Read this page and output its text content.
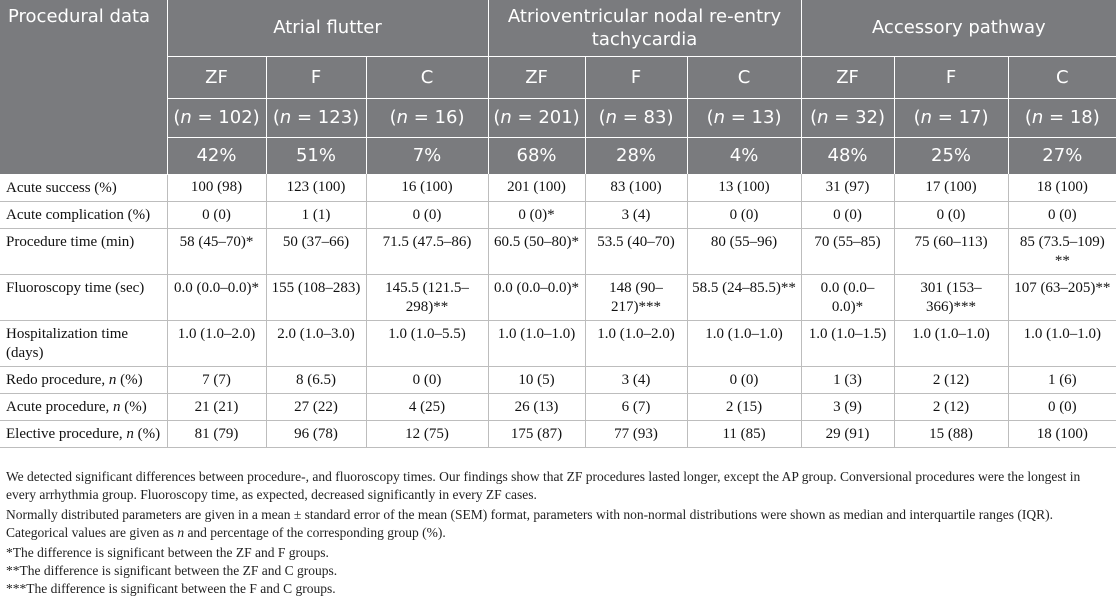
Procedural data	Atrial flutter			Atrioventricular nodal re-entry tachycardia			Accessory pathway		
	ZF	F	C	ZF	F	C	ZF	F	C
	(n = 102)	(n = 123)	(n = 16)	(n = 201)	(n = 83)	(n = 13)	(n = 32)	(n = 17)	(n = 18)
	42%	51%	7%	68%	28%	4%	48%	25%	27%
Acute success (%)	100 (98)	123 (100)	16 (100)	201 (100)	83 (100)	13 (100)	31 (97)	17 (100)	18 (100)
Acute complication (%)	0 (0)	1 (1)	0 (0)	0 (0)*	3 (4)	0 (0)	0 (0)	0 (0)	0 (0)
Procedure time (min)	58 (45–70)*	50 (37–66)	71.5 (47.5–86)	60.5 (50–80)*	53.5 (40–70)	80 (55–96)	70 (55–85)	75 (60–113)	85 (73.5–109) **
Fluoroscopy time (sec)	0.0 (0.0–0.0)*	155 (108–283)	145.5 (121.5–298)**	0.0 (0.0–0.0)*	148 (90–217)***	58.5 (24–85.5)**	0.0 (0.0–0.0)*	301 (153–366)***	107 (63–205)**
Hospitalization time (days)	1.0 (1.0–2.0)	2.0 (1.0–3.0)	1.0 (1.0–5.5)	1.0 (1.0–1.0)	1.0 (1.0–2.0)	1.0 (1.0–1.0)	1.0 (1.0–1.5)	1.0 (1.0–1.0)	1.0 (1.0–1.0)
Redo procedure, n (%)	7 (7)	8 (6.5)	0 (0)	10 (5)	3 (4)	0 (0)	1 (3)	2 (12)	1 (6)
Acute procedure, n (%)	21 (21)	27 (22)	4 (25)	26 (13)	6 (7)	2 (15)	3 (9)	2 (12)	0 (0)
Elective procedure, n (%)	81 (79)	96 (78)	12 (75)	175 (87)	77 (93)	11 (85)	29 (91)	15 (88)	18 (100)

We detected significant differences between procedure-, and fluoroscopy times. Our findings show that ZF procedures lasted longer, except the AP group. Conversional procedures were the longest in every arrhythmia group. Fluoroscopy time, as expected, decreased significantly in every ZF cases.

Normally distributed parameters are given in a mean ± standard error of the mean (SEM) format, parameters with non-normal distributions were shown as median and interquartile ranges (IQR). Categorical values are given as n and percentage of the corresponding group (%).

*The difference is significant between the ZF and F groups.

**The difference is significant between the ZF and C groups.

***The difference is significant between the F and C groups.
